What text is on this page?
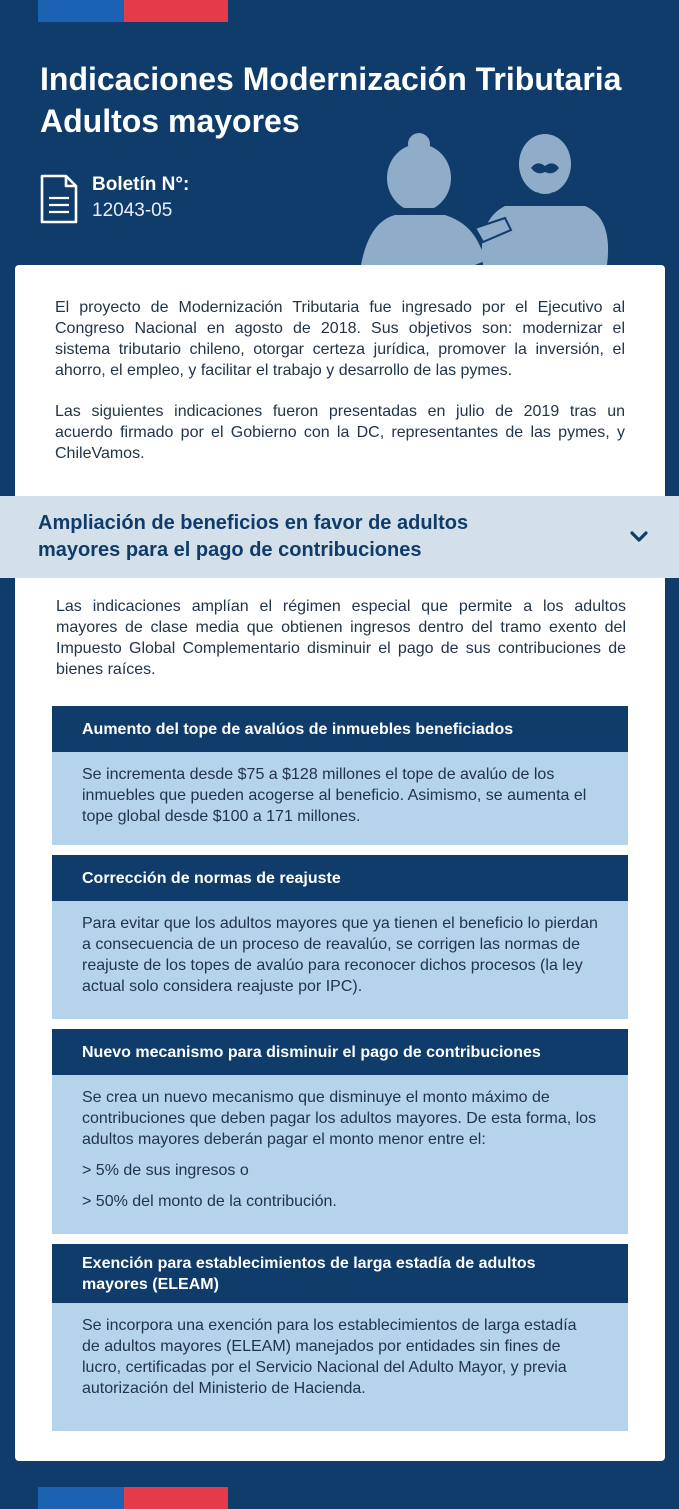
Indicaciones Modernización Tributaria
Adultos mayores
Boletín N°:
12043-05

El proyecto de Modernización Tributaria fue ingresado por el Ejecutivo al Congreso Nacional en agosto de 2018. Sus objetivos son: modernizar el sistema tributario chileno, otorgar certeza jurídica, promover la inversión, el ahorro, el empleo, y facilitar el trabajo y desarrollo de las pymes.

Las siguientes indicaciones fueron presentadas en julio de 2019 tras un acuerdo firmado por el Gobierno con la DC, representantes de las pymes, y ChileVamos.

Ampliación de beneficios en favor de adultos
mayores para el pago de contribuciones
Las indicaciones amplían el régimen especial que permite a los adultos mayores de clase media que obtienen ingresos dentro del tramo exento del Impuesto Global Complementario disminuir el pago de sus contribuciones de bienes raíces.
Aumento del tope de avalúos de inmuebles beneficiados

Se incrementa desde $75 a $128 millones el tope de avalúo de los inmuebles que pueden acogerse al beneficio. Asimismo, se aumenta el tope global desde $100 a 171 millones.

Corrección de normas de reajuste

Para evitar que los adultos mayores que ya tienen el beneficio lo pierdan a consecuencia de un proceso de reavalúo, se corrigen las normas de reajuste de los topes de avalúo para reconocer dichos procesos (la ley actual solo considera reajuste por IPC).

Nuevo mecanismo para disminuir el pago de contribuciones

Se crea un nuevo mecanismo que disminuye el monto máximo de contribuciones que deben pagar los adultos mayores. De esta forma, los adultos mayores deberán pagar el monto menor entre el:

> 5% de sus ingresos o
> 50% del monto de la contribución.
Exención para establecimientos de larga estadía de adultos mayores (ELEAM)

Se incorpora una exención para los establecimientos de larga estadía de adultos mayores (ELEAM) manejados por entidades sin fines de lucro, certificadas por el Servicio Nacional del Adulto Mayor, y previa autorización del Ministerio de Hacienda.
